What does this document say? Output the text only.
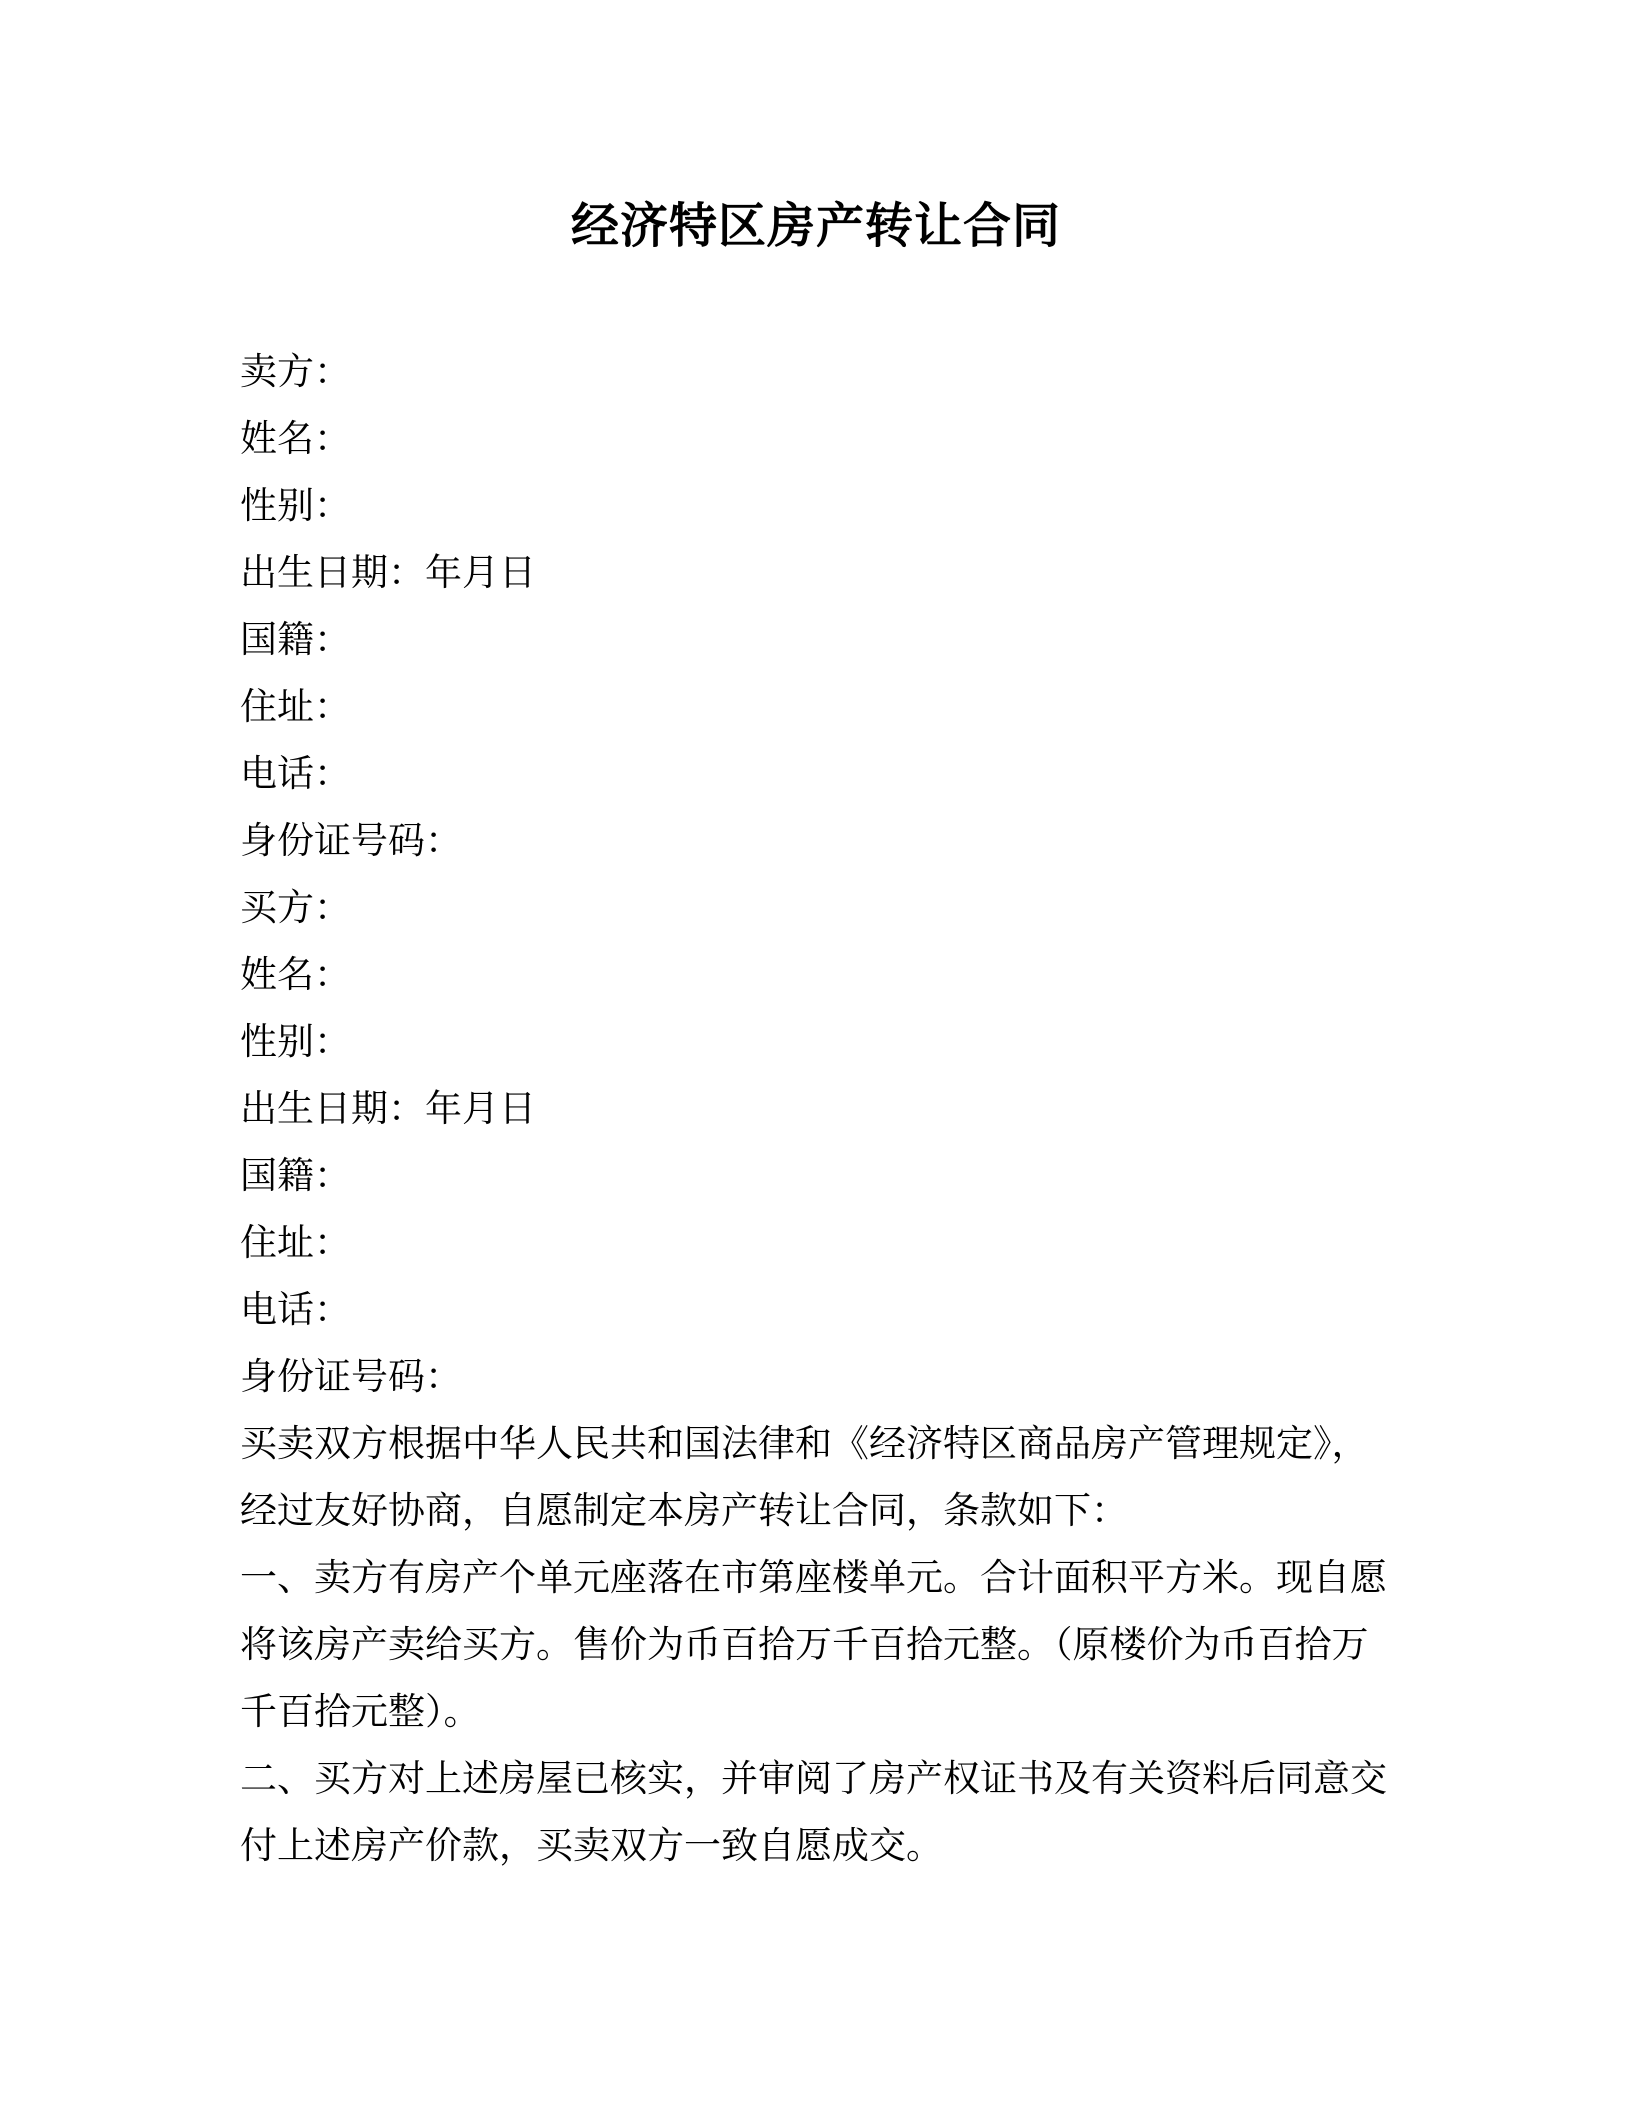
经济特区房产转让合同

卖方：

姓名：

性别：

出生日期：年月日

国籍：

住址：

电话：

身份证号码：

买方：

姓名：

性别：

出生日期：年月日

国籍：

住址：

电话：

身份证号码：

买卖双方根据中华人民共和国法律和《经济特区商品房产管理规定》，经过友好协商，自愿制定本房产转让合同，条款如下：

一、卖方有房产个单元座落在市第座楼单元。合计面积平方米。现自愿将该房产卖给买方。售价为币百拾万千百拾元整。（原楼价为币百拾万千百拾元整）。

二、买方对上述房屋已核实，并审阅了房产权证书及有关资料后同意交付上述房产价款，买卖双方一致自愿成交。
